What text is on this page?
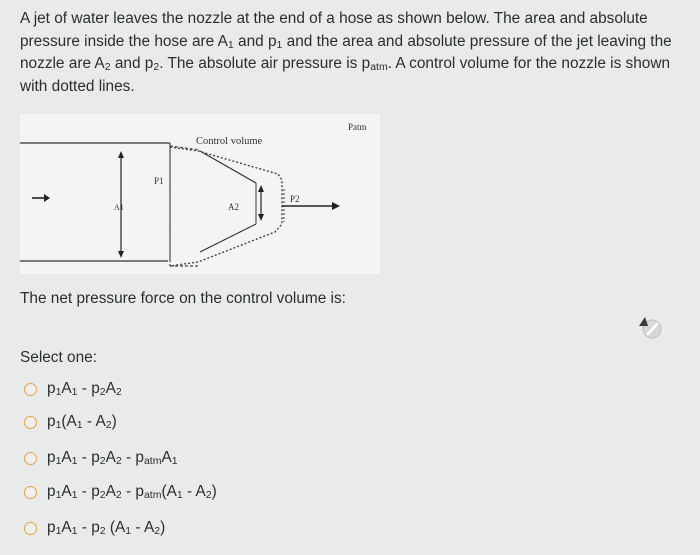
A jet of water leaves the nozzle at the end of a hose as shown below. The area and absolute pressure inside the hose are $A_1$ and $p_1$ and the area and absolute pressure of the jet leaving the nozzle are $A_2$ and $p_2$. The absolute air pressure is $p_{atm}$. A control volume for the nozzle is shown with dotted lines.
Patm
Control volume
P1
A1	A2
P2
The net pressure force on the control volume is:
Select one:
$p_1A_1 - p_2A_2$
$p_1(A_1 - A_2)$
$p_1A_1 - p_2A_2 - p_{atm}A_1$
$p_1A_1 - p_2A_2 - p_{atm}(A_1 - A_2)$
$p_1A_1 - p_2$ $(A_1 - A_2)$
